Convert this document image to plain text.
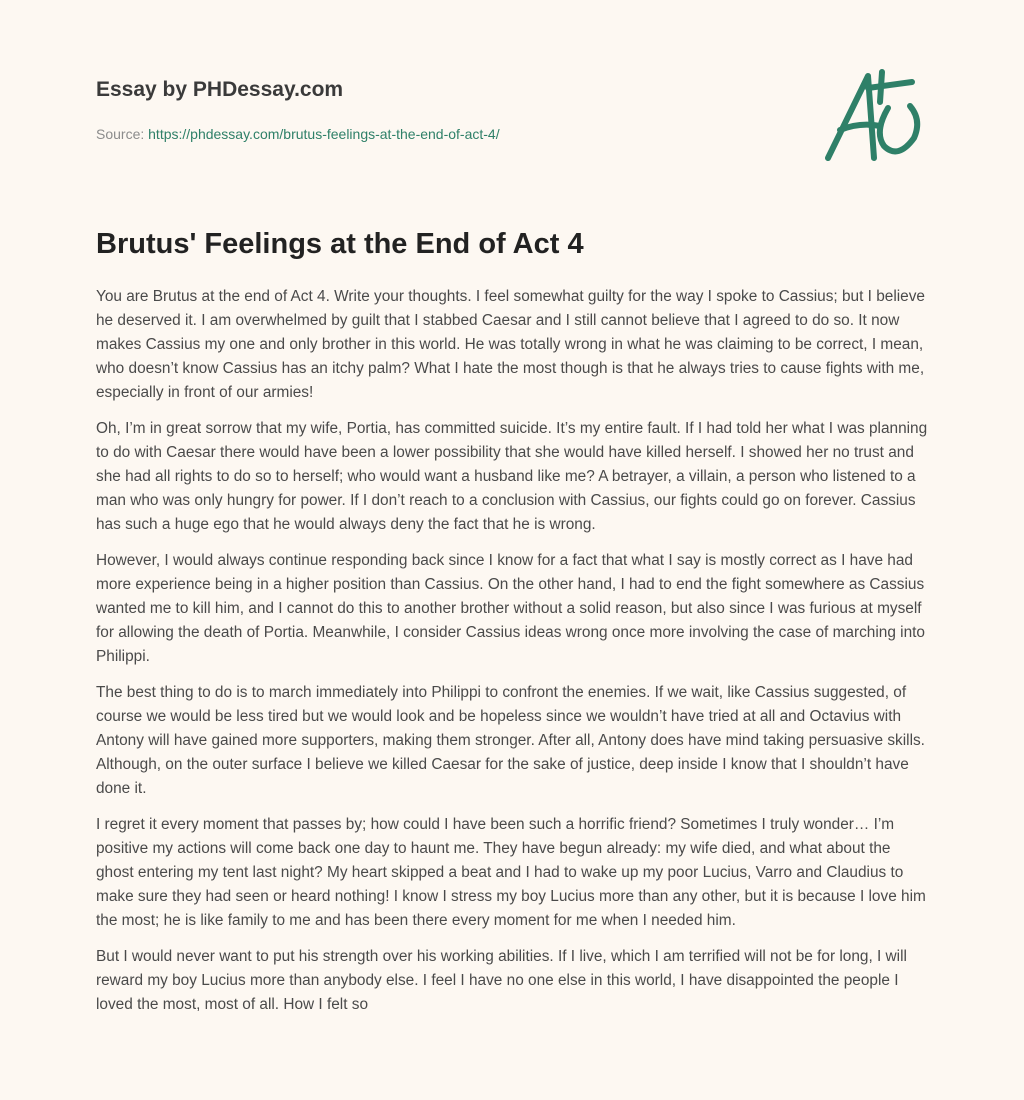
Essay by PHDessay.com
Source: https://phdessay.com/brutus-feelings-at-the-end-of-act-4/
Brutus' Feelings at the End of Act 4

You are Brutus at the end of Act 4. Write your thoughts. I feel somewhat guilty for the way I spoke to Cassius; but I believe he deserved it. I am overwhelmed by guilt that I stabbed Caesar and I still cannot believe that I agreed to do so. It now makes Cassius my one and only brother in this world. He was totally wrong in what he was claiming to be correct, I mean, who doesn’t know Cassius has an itchy palm? What I hate the most though is that he always tries to cause fights with me, especially in front of our armies!

Oh, I’m in great sorrow that my wife, Portia, has committed suicide. It’s my entire fault. If I had told her what I was planning to do with Caesar there would have been a lower possibility that she would have killed herself. I showed her no trust and she had all rights to do so to herself; who would want a husband like me? A betrayer, a villain, a person who listened to a man who was only hungry for power. If I don’t reach to a conclusion with Cassius, our fights could go on forever. Cassius has such a huge ego that he would always deny the fact that he is wrong.

However, I would always continue responding back since I know for a fact that what I say is mostly correct as I have had more experience being in a higher position than Cassius. On the other hand, I had to end the fight somewhere as Cassius wanted me to kill him, and I cannot do this to another brother without a solid reason, but also since I was furious at myself for allowing the death of Portia. Meanwhile, I consider Cassius ideas wrong once more involving the case of marching into Philippi.

The best thing to do is to march immediately into Philippi to confront the enemies. If we wait, like Cassius suggested, of course we would be less tired but we would look and be hopeless since we wouldn’t have tried at all and Octavius with Antony will have gained more supporters, making them stronger. After all, Antony does have mind taking persuasive skills. Although, on the outer surface I believe we killed Caesar for the sake of justice, deep inside I know that I shouldn’t have done it.

I regret it every moment that passes by; how could I have been such a horrific friend? Sometimes I truly wonder… I’m positive my actions will come back one day to haunt me. They have begun already: my wife died, and what about the ghost entering my tent last night? My heart skipped a beat and I had to wake up my poor Lucius, Varro and Claudius to make sure they had seen or heard nothing! I know I stress my boy Lucius more than any other, but it is because I love him the most; he is like family to me and has been there every moment for me when I needed him.

But I would never want to put his strength over his working abilities. If I live, which I am terrified will not be for long, I will reward my boy Lucius more than anybody else. I feel I have no one else in this world, I have disappointed the people I loved the most, most of all. How I felt so
